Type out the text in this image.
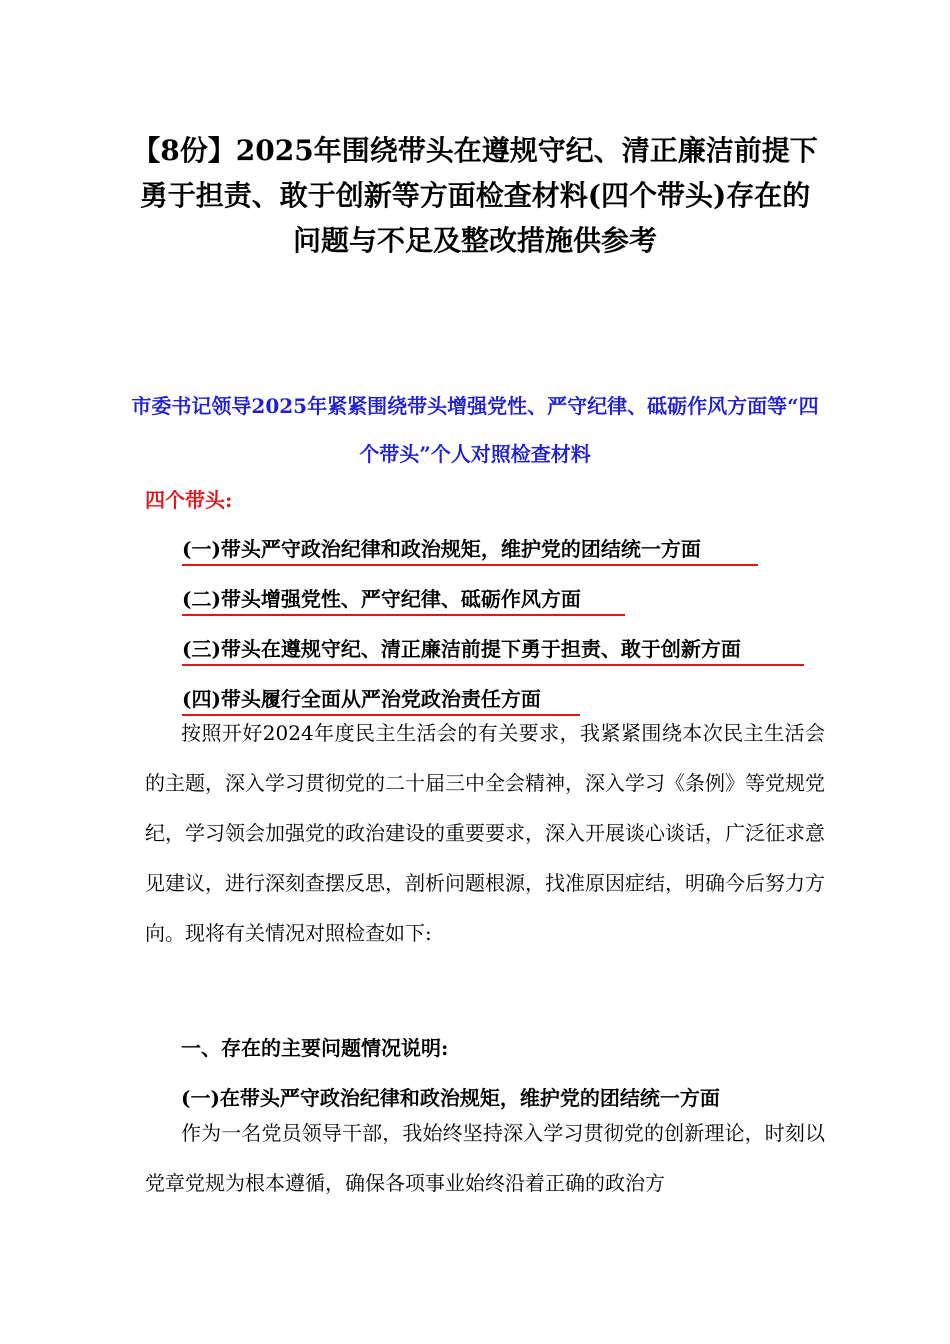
【8份】2025年围绕带头在遵规守纪、清正廉洁前提下勇于担责、敢于创新等方面检查材料(四个带头)存在的问题与不足及整改措施供参考
市委书记领导2025年紧紧围绕带头增强党性、严守纪律、砥砺作风方面等“四个带头”个人对照检查材料
四个带头:
(一)带头严守政治纪律和政治规矩，维护党的团结统一方面
(二)带头增强党性、严守纪律、砥砺作风方面
(三)带头在遵规守纪、清正廉洁前提下勇于担责、敢于创新方面
(四)带头履行全面从严治党政治责任方面

按照开好2024年度民主生活会的有关要求，我紧紧围绕本次民主生活会的主题，深入学习贯彻党的二十届三中全会精神，深入学习《条例》等党规党纪，学习领会加强党的政治建设的重要要求，深入开展谈心谈话，广泛征求意见建议，进行深刻查摆反思，剖析问题根源，找准原因症结，明确今后努力方向。现将有关情况对照检查如下:

一、存在的主要问题情况说明:
(一)在带头严守政治纪律和政治规矩，维护党的团结统一方面

作为一名党员领导干部，我始终坚持深入学习贯彻党的创新理论，时刻以党章党规为根本遵循，确保各项事业始终沿着正确的政治方
